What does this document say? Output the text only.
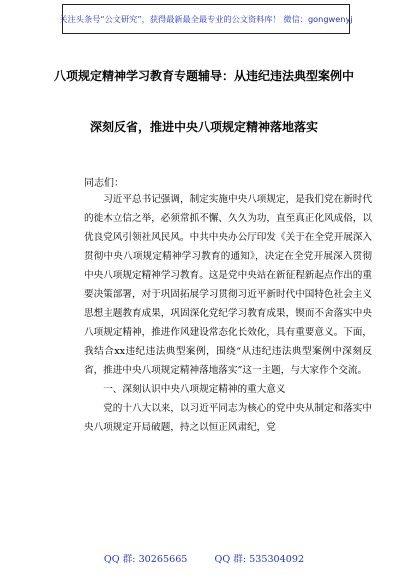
关注头条号“公文研究”，获得最新最全最专业的公文资料库！ 微信：gongwenyj
八项规定精神学习教育专题辅导：从违纪违法典型案例中
深刻反省，推进中央八项规定精神落地落实
同志们：

习近平总书记强调，制定实施中央八项规定，是我们党在新时代的徙木立信之举，必须常抓不懈、久久为功，直至真正化风成俗，以优良党风引领社风民风。中共中央办公厅印发《关于在全党开展深入贯彻中央八项规定精神学习教育的通知》，决定在全党开展深入贯彻中央八项规定精神学习教育。这是党中央站在新征程新起点作出的重要决策部署，对于巩固拓展学习贯彻习近平新时代中国特色社会主义思想主题教育成果，巩固深化党纪学习教育成果，锲而不舍落实中央八项规定精神，推进作风建设常态化长效化，具有重要意义。下面，我结合xx违纪违法典型案例，围绕“从违纪违法典型案例中深刻反省，推进中央八项规定精神落地落实”这一主题，与大家作个交流。

一、深刻认识中央八项规定精神的重大意义

党的十八大以来，以习近平同志为核心的党中央从制定和落实中央八项规定开局破题，持之以恒正风肃纪，党

QQ 群: 30265665	QQ 群: 535304092
